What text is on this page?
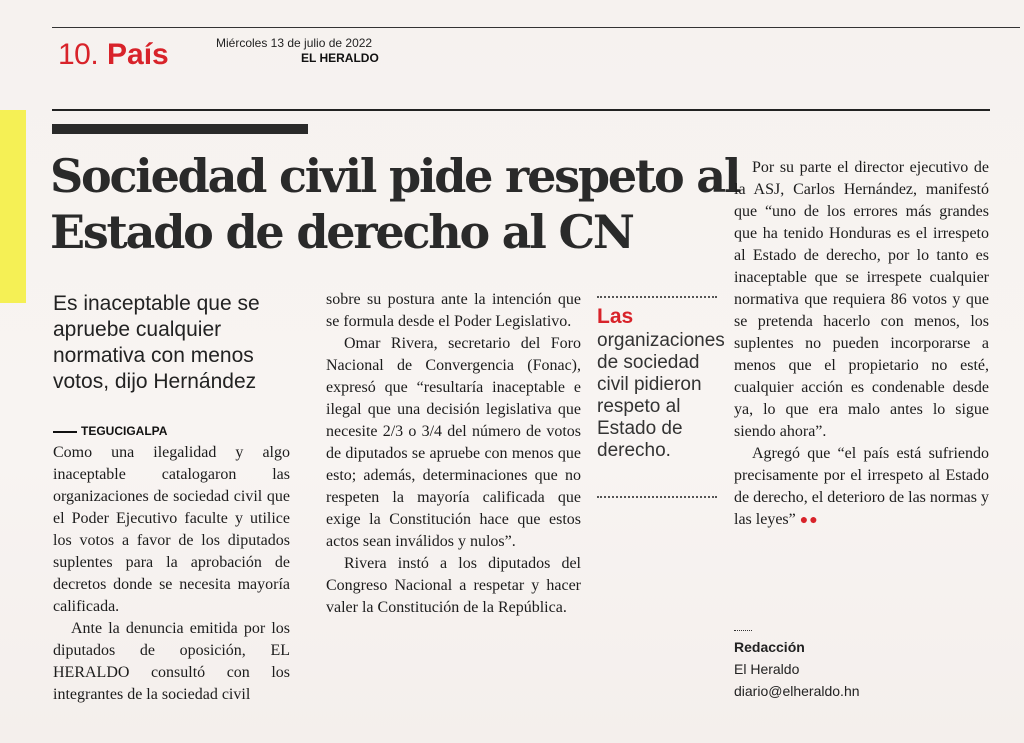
10. País	Miércoles 13 de julio de 2022
EL HERALDO
Sociedad civil pide respeto al Estado de derecho al CN
Es inaceptable que se apruebe cualquier normativa con menos votos, dijo Hernández
TEGUCIGALPA

Como una ilegalidad y algo inaceptable catalogaron las organizaciones de sociedad civil que el Poder Ejecutivo faculte y utilice los votos a favor de los diputados suplentes para la aprobación de decretos donde se necesita mayoría calificada.

Ante la denuncia emitida por los diputados de oposición, EL HERALDO consultó con los integrantes de la sociedad civil

sobre su postura ante la intención que se formula desde el Poder Legislativo.

Omar Rivera, secretario del Foro Nacional de Convergencia (Fonac), expresó que “resultaría inaceptable e ilegal que una decisión legislativa que necesite 2/3 o 3/4 del número de votos de diputados se apruebe con menos que esto; además, determinaciones que no respeten la mayoría calificada que exige la Constitución hace que estos actos sean inválidos y nulos”.

Rivera instó a los diputados del Congreso Nacional a respetar y hacer valer la Constitución de la República.

Las
organizaciones de sociedad civil pidieron respeto al Estado de derecho.

Por su parte el director ejecutivo de la ASJ, Carlos Hernández, manifestó que “uno de los errores más grandes que ha tenido Honduras es el irrespeto al Estado de derecho, por lo tanto es inaceptable que se irrespete cualquier normativa que requiera 86 votos y que se pretenda hacerlo con menos, los suplentes no pueden incorporarse a menos que el propietario no esté, cualquier acción es condenable desde ya, lo que era malo antes lo sigue siendo ahora”.

Agregó que “el país está sufriendo precisamente por el irrespeto al Estado de derecho, el deterioro de las normas y las leyes” ●●

Redacción
El Heraldo
diario@elheraldo.hn
